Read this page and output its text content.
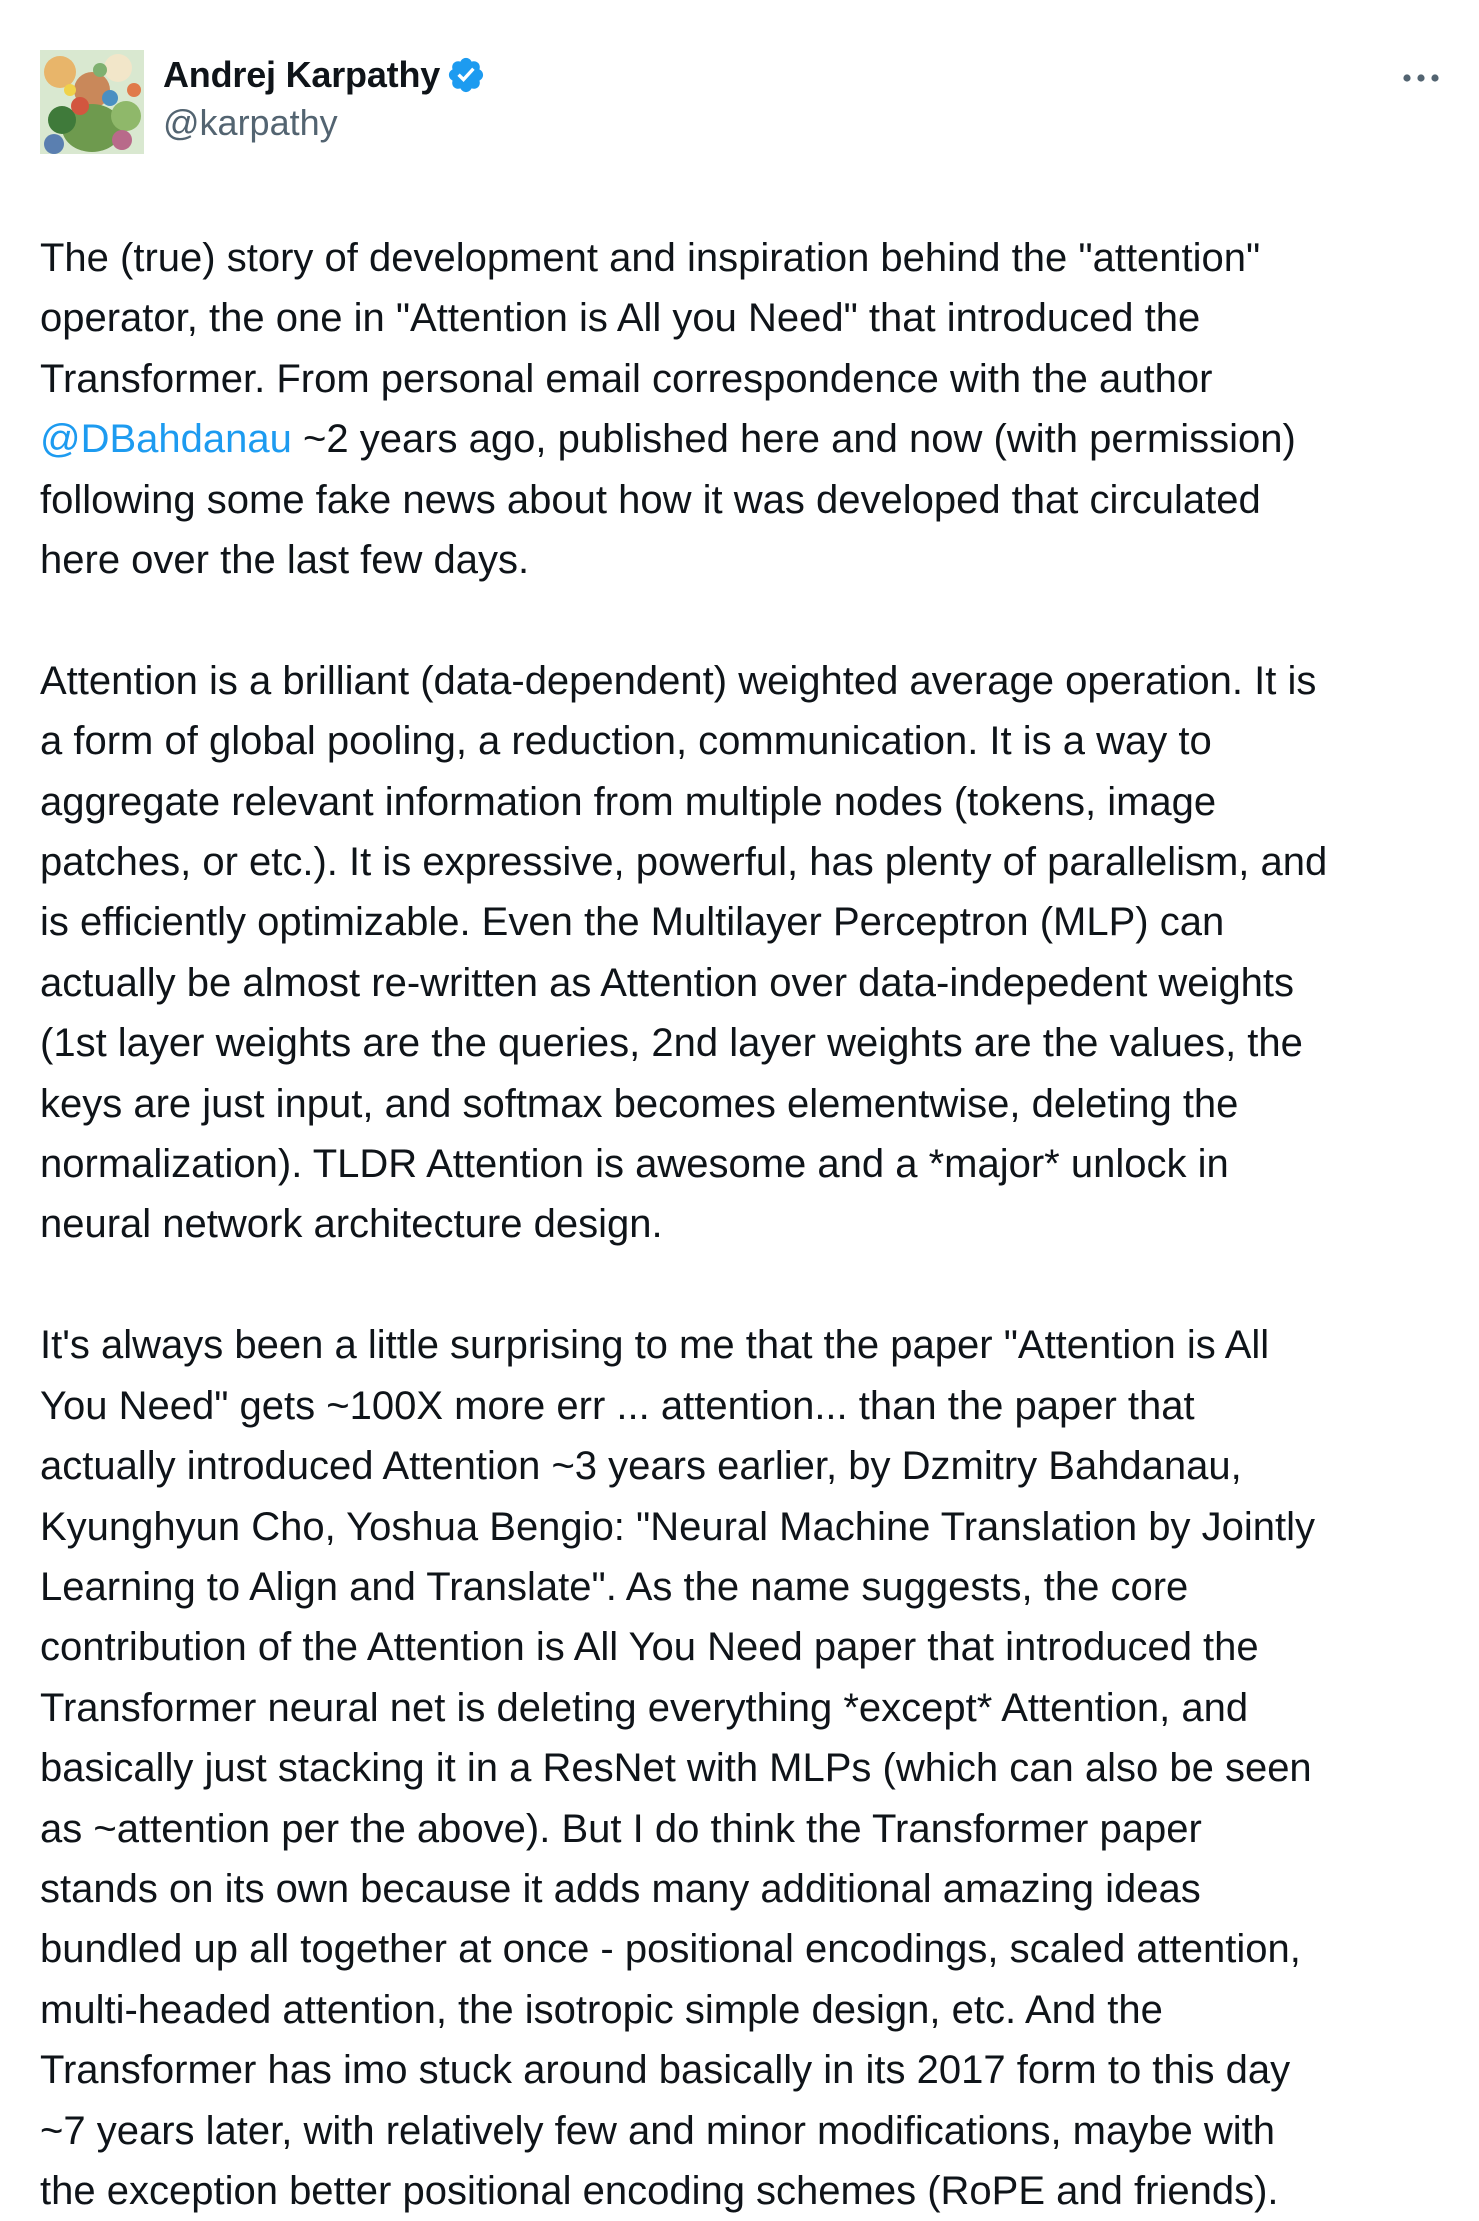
Andrej Karpathy
@karpathy
The (true) story of development and inspiration behind the "attention"
operator, the one in "Attention is All you Need" that introduced the
Transformer. From personal email correspondence with the author
@DBahdanau ~2 years ago, published here and now (with permission)
following some fake news about how it was developed that circulated
here over the last few days.
Attention is a brilliant (data-dependent) weighted average operation. It is
a form of global pooling, a reduction, communication. It is a way to
aggregate relevant information from multiple nodes (tokens, image
patches, or etc.). It is expressive, powerful, has plenty of parallelism, and
is efficiently optimizable. Even the Multilayer Perceptron (MLP) can
actually be almost re-written as Attention over data-indepedent weights
(1st layer weights are the queries, 2nd layer weights are the values, the
keys are just input, and softmax becomes elementwise, deleting the
normalization). TLDR Attention is awesome and a *major* unlock in
neural network architecture design.
It's always been a little surprising to me that the paper "Attention is All
You Need" gets ~100X more err ... attention... than the paper that
actually introduced Attention ~3 years earlier, by Dzmitry Bahdanau,
Kyunghyun Cho, Yoshua Bengio: "Neural Machine Translation by Jointly
Learning to Align and Translate". As the name suggests, the core
contribution of the Attention is All You Need paper that introduced the
Transformer neural net is deleting everything *except* Attention, and
basically just stacking it in a ResNet with MLPs (which can also be seen
as ~attention per the above). But I do think the Transformer paper
stands on its own because it adds many additional amazing ideas
bundled up all together at once - positional encodings, scaled attention,
multi-headed attention, the isotropic simple design, etc. And the
Transformer has imo stuck around basically in its 2017 form to this day
~7 years later, with relatively few and minor modifications, maybe with
the exception better positional encoding schemes (RoPE and friends).
